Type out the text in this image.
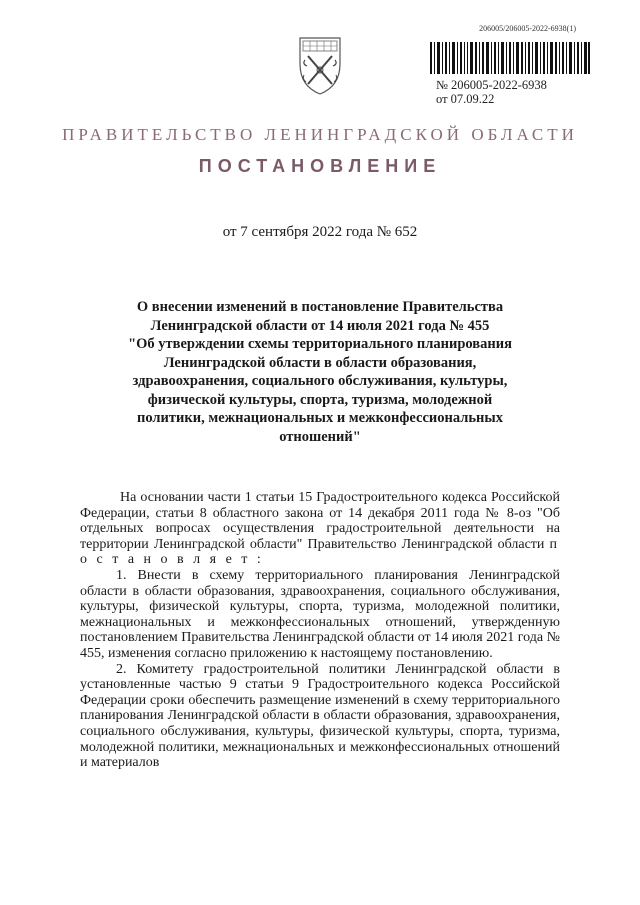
206005/206005-2022-6938(1)
№ 206005-2022-6938
от 07.09.22
ПРАВИТЕЛЬСТВО ЛЕНИНГРАДСКОЙ ОБЛАСТИ
ПОСТАНОВЛЕНИЕ
от 7 сентября 2022 года № 652
О внесении изменений в постановление Правительства
Ленинградской области от 14 июля 2021 года № 455
"Об утверждении схемы территориального планирования
Ленинградской области в области образования,
здравоохранения, социального обслуживания, культуры,
физической культуры, спорта, туризма, молодежной
политики, межнациональных и межконфессиональных
отношений"
На основании части 1 статьи 15 Градостроительного кодекса Российской Федерации, статьи 8 областного закона от 14 декабря 2011 года № 8-оз "Об отдельных вопросах осуществления градостроительной деятельности на территории Ленинградской области" Правительство Ленинградской области п о с т а н о в л я е т :
1. Внести в схему территориального планирования Ленинградской области в области образования, здравоохранения, социального обслуживания, культуры, физической культуры, спорта, туризма, молодежной политики, межнациональных и межконфессиональных отношений, утвержденную постановлением Правительства Ленинградской области от 14 июля 2021 года № 455, изменения согласно приложению к настоящему постановлению.
2. Комитету градостроительной политики Ленинградской области в установленные частью 9 статьи 9 Градостроительного кодекса Российской Федерации сроки обеспечить размещение изменений в схему территориального планирования Ленинградской области в области образования, здравоохранения, социального обслуживания, культуры, физической культуры, спорта, туризма, молодежной политики, межнациональных и межконфессиональных отношений и материалов
